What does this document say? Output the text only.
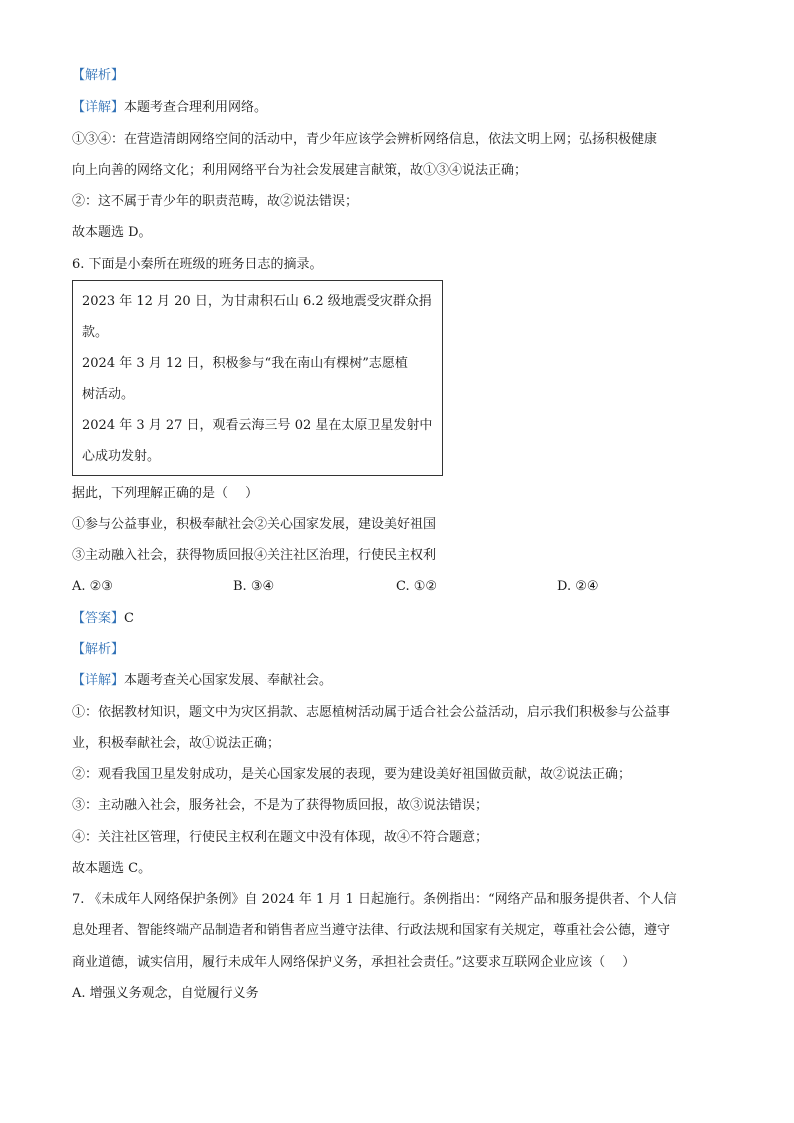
【解析】
【详解】本题考查合理利用网络。
①③④：在营造清朗网络空间的活动中，青少年应该学会辨析网络信息，依法文明上网；弘扬积极健康
向上向善的网络文化；利用网络平台为社会发展建言献策，故①③④说法正确；
②：这不属于青少年的职责范畴，故②说法错误；
故本题选 D。
6. 下面是小秦所在班级的班务日志的摘录。
2023 年 12 月 20 日，为甘肃积石山 6.2 级地震受灾群众捐
款。
2024 年 3 月 12 日，积极参与“我在南山有棵树”志愿植
树活动。
2024 年 3 月 27 日，观看云海三号 02 星在太原卫星发射中
心成功发射。
据此，下列理解正确的是（　 ）
①参与公益事业，积极奉献社会②关心国家发展，建设美好祖国
③主动融入社会，获得物质回报④关注社区治理，行使民主权利
A. ②③	B. ③④	C. ①②	D. ②④
【答案】C
【解析】
【详解】本题考查关心国家发展、奉献社会。
①：依据教材知识，题文中为灾区捐款、志愿植树活动属于适合社会公益活动，启示我们积极参与公益事
业，积极奉献社会，故①说法正确；
②：观看我国卫星发射成功，是关心国家发展的表现，要为建设美好祖国做贡献，故②说法正确；
③：主动融入社会，服务社会，不是为了获得物质回报，故③说法错误；
④：关注社区管理，行使民主权利在题文中没有体现，故④不符合题意；
故本题选 C。
7. 《未成年人网络保护条例》自 2024 年 1 月 1 日起施行。条例指出：“网络产品和服务提供者、个人信
息处理者、智能终端产品制造者和销售者应当遵守法律、行政法规和国家有关规定，尊重社会公德，遵守
商业道德，诚实信用，履行未成年人网络保护义务，承担社会责任。”这要求互联网企业应该（　 ）
A. 增强义务观念，自觉履行义务
